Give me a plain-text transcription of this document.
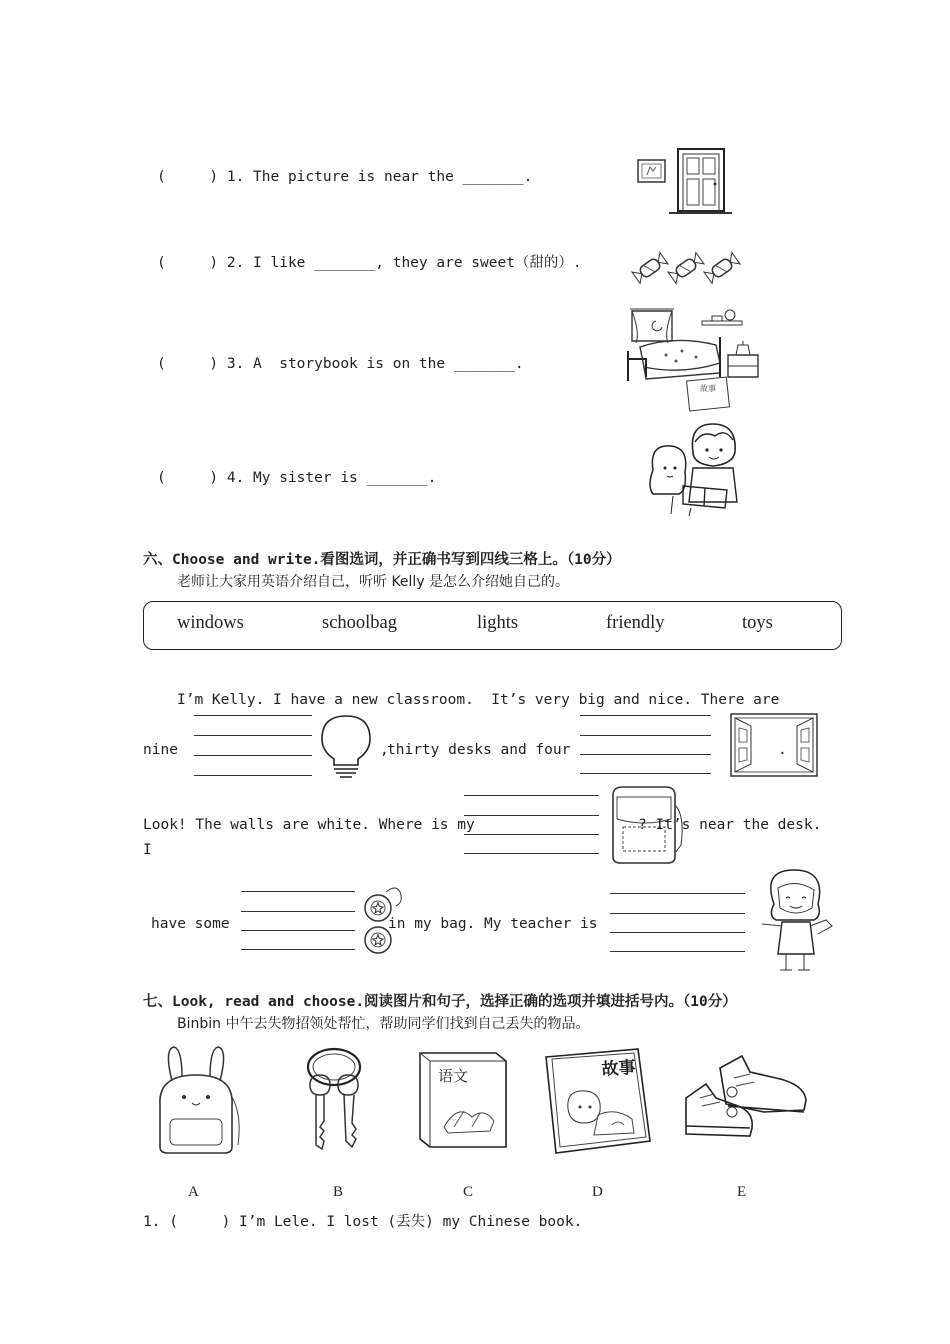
(     ) 1. The picture is near the _______.
(     ) 2. I like _______, they are sweet（甜的）.
(     ) 3. A  storybook is on the _______.
(     ) 4. My sister is _______.
故事
六、Choose and write.看图选词，并正确书写到四线三格上。（10分）
老师让大家用英语介绍自己，听听 Kelly 是怎么介绍她自己的。
windows	schoolbag	lights	friendly	toys
I’m Kelly. I have a new classroom.  It’s very big and nice. There are
nine	,
thirty desks and four	.
Look! The walls are white. Where is my
I
? It’s near the desk.
have some	in my bag. My teacher is
七、Look, read and choose.阅读图片和句子，选择正确的选项并填进括号内。（10分）
Binbin 中午去失物招领处帮忙，帮助同学们找到自己丢失的物品。
语文	故事
A	B	C	D	E
1. (     ) I’m Lele. I lost (丢失) my Chinese book.
